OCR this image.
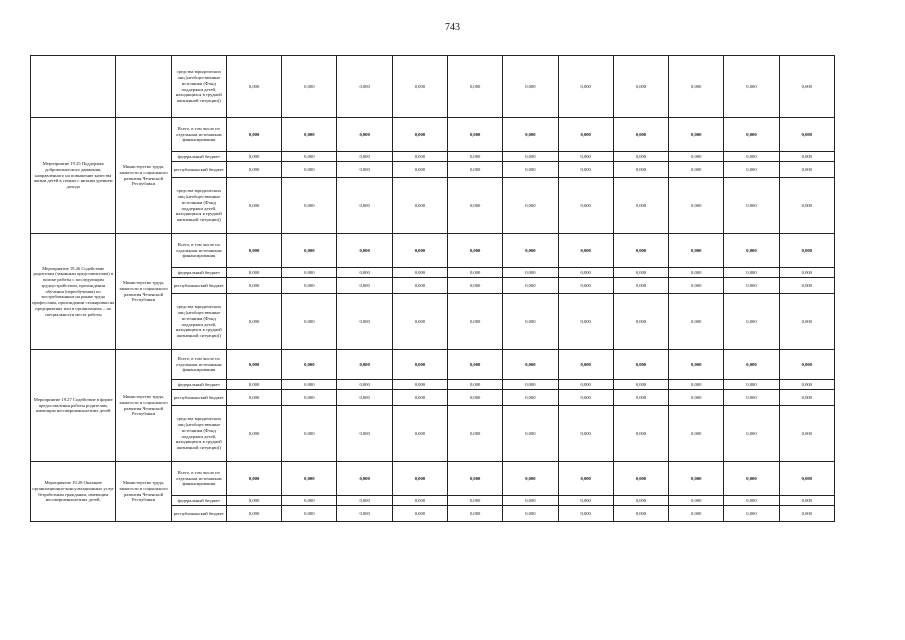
743
		средства юридических лиц (необщественные источники (Фонд поддержки детей, находящихся в трудной жизненной ситуации))	0,000	0,000	0,000	0,000	0,000	0,000	0,000	0,000	0,000	0,000	0,000
Мероприятие 19.25 Поддержка добровольческого движения, направленного на повышение качества жизни детей в семьях с низким уровнем дохода	Министерство труда, занятости и социального развития Чеченской Республики	Всего, в том числе по отдельным источникам финансирования	0,000	0,000	0,000	0,000	0,000	0,000	0,000	0,000	0,000	0,000	0,000
		федеральный бюджет	0,000	0,000	0,000	0,000	0,000	0,000	0,000	0,000	0,000	0,000	0,000
		республиканский бюджет	0,000	0,000	0,000	0,000	0,000	0,000	0,000	0,000	0,000	0,000	0,000
		средства юридических лиц (необщественные источники (Фонд поддержки детей, находящихся в трудной жизненной ситуации))	0,000	0,000	0,000	0,000	0,000	0,000	0,000	0,000	0,000	0,000	0,000
Мероприятие 19.26 Содействие родителям (законным представителям) в поиске работы с последующим трудоустройством, прохождении обучения (переобучения) по востребованным на рынке труда профессиям, прохождении стажировки на предприятиях или в организациях – по специальности места работы	Министерство труда, занятости и социального развития Чеченской Республики	Всего, в том числе по отдельным источникам финансирования	0,000	0,000	0,000	0,000	0,000	0,000	0,000	0,000	0,000	0,000	0,000
		федеральный бюджет	0,000	0,000	0,000	0,000	0,000	0,000	0,000	0,000	0,000	0,000	0,000
		республиканский бюджет	0,000	0,000	0,000	0,000	0,000	0,000	0,000	0,000	0,000	0,000	0,000
		средства юридических лиц (необщественные источники (Фонд поддержки детей, находящихся в трудной жизненной ситуации))	0,000	0,000	0,000	0,000	0,000	0,000	0,000	0,000	0,000	0,000	0,000
Мероприятие 19.27 Содействие в форме предоставления работы родителям, имеющим несовершеннолетних детей	Министерство труда, занятости и социального развития Чеченской Республики	Всего, в том числе по отдельным источникам финансирования	0,000	0,000	0,000	0,000	0,000	0,000	0,000	0,000	0,000	0,000	0,000
		федеральный бюджет	0,000	0,000	0,000	0,000	0,000	0,000	0,000	0,000	0,000	0,000	0,000
		республиканский бюджет	0,000	0,000	0,000	0,000	0,000	0,000	0,000	0,000	0,000	0,000	0,000
		средства юридических лиц (необщественные источники (Фонд поддержки детей, находящихся в трудной жизненной ситуации))	0,000	0,000	0,000	0,000	0,000	0,000	0,000	0,000	0,000	0,000	0,000
Мероприятие 19.28 Оказание организационно-консультационных услуг безработным гражданам, имеющим несовершеннолетних детей,	Министерство труда, занятости и социального развития Чеченской Республики	Всего, в том числе по отдельным источникам финансирования	0,000	0,000	0,000	0,000	0,000	0,000	0,000	0,000	0,000	0,000	0,000
		федеральный бюджет	0,000	0,000	0,000	0,000	0,000	0,000	0,000	0,000	0,000	0,000	0,000
		республиканский бюджет	0,000	0,000	0,000	0,000	0,000	0,000	0,000	0,000	0,000	0,000	0,000
